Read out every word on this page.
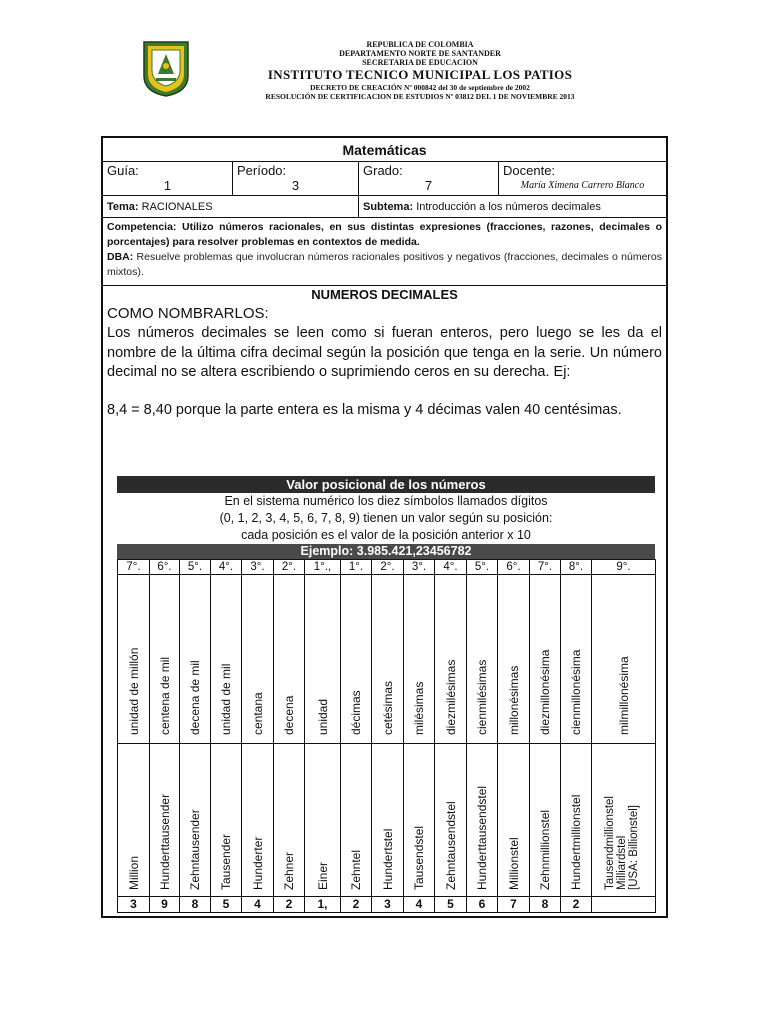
REPUBLICA DE COLOMBIA
DEPARTAMENTO NORTE DE SANTANDER
SECRETARIA DE EDUCACION
INSTITUTO TECNICO MUNICIPAL LOS PATIOS
DECRETO DE CREACIÓN Nº 000842 del 30 de septiembre de 2002
RESOLUCIÓN DE CERTIFICACION DE ESTUDIOS Nº 03812 DEL 1 DE NOVIEMBRE 2013
Matemáticas
Guía:
1
Período:
3
Grado:
7
Docente:
María Ximena Carrero Blanco
Tema: RACIONALES	Subtema: Introducción a los números decimales
Competencia: Utilizo números racionales, en sus distintas expresiones (fracciones, razones, decimales o porcentajes) para resolver problemas en contextos de medida.
DBA: Resuelve problemas que involucran números racionales positivos y negativos (fracciones, decimales o números mixtos).
NUMEROS DECIMALES
COMO NOMBRARLOS:

Los números decimales se leen como si fueran enteros, pero luego se les da el nombre de la última cifra decimal según la posición que tenga en la serie. Un número decimal no se altera escribiendo o suprimiendo ceros en su derecha. Ej:

8,4 = 8,40 porque la parte entera es la misma y 4 décimas valen 40 centésimas.

Valor posicional de los números
En el sistema numérico los diez símbolos llamados dígitos
(0, 1, 2, 3, 4, 5, 6, 7, 8, 9) tienen un valor según su posición:
cada posición es el valor de la posición anterior x 10
Ejemplo: 3.985.421,23456782
7°.	6°.	5°.	4°.	3°.	2°.	1°.,	1°.	2°.	3°.	4°.	5°.	6°.	7°.	8°.	9°.

unidad de millón	centena de mil	decena de mil	unidad de mil	centana	decena	unidad	décimas	cetésimas	milésimas	diezmilésimas	cienmilésimas	millonésimas	diezmillonésima	cienmillonésima	milmillonésima

Million	Hunderttausender	Zehntausender	Tausender	Hunderter	Zehner	Einer	Zehntel	Hundertstel	Tausendstel	Zehntausendstel	Hunderttausendstel	Millionstel	Zehnmillionstel	Hundertmillionstel	Tausendmillionstel Milliardstel [USA: Billionstel]

3	9	8	5	4	2	1,	2	3	4	5	6	7	8	2	
